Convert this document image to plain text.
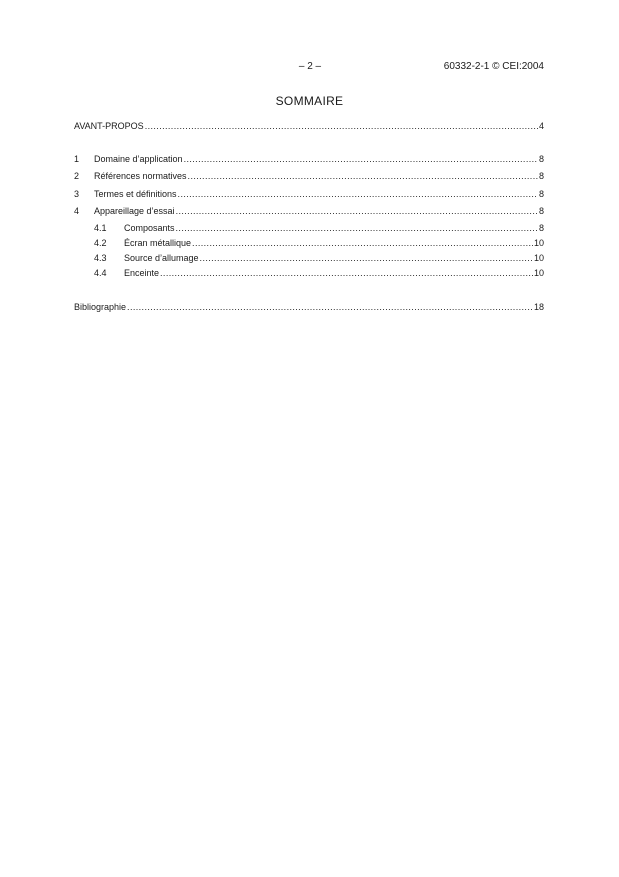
– 2 –	60332-2-1 © CEI:2004
SOMMAIRE
AVANT-PROPOS .....	4
1	Domaine d’application .....	8
2	Références normatives .....	8
3	Termes et définitions .....	8
4	Appareillage d’essai .....	8
4.1	Composants .....	8
4.2	Écran métallique .....	10
4.3	Source d’allumage .....	10
4.4	Enceinte .....	10
Bibliographie .....	18
